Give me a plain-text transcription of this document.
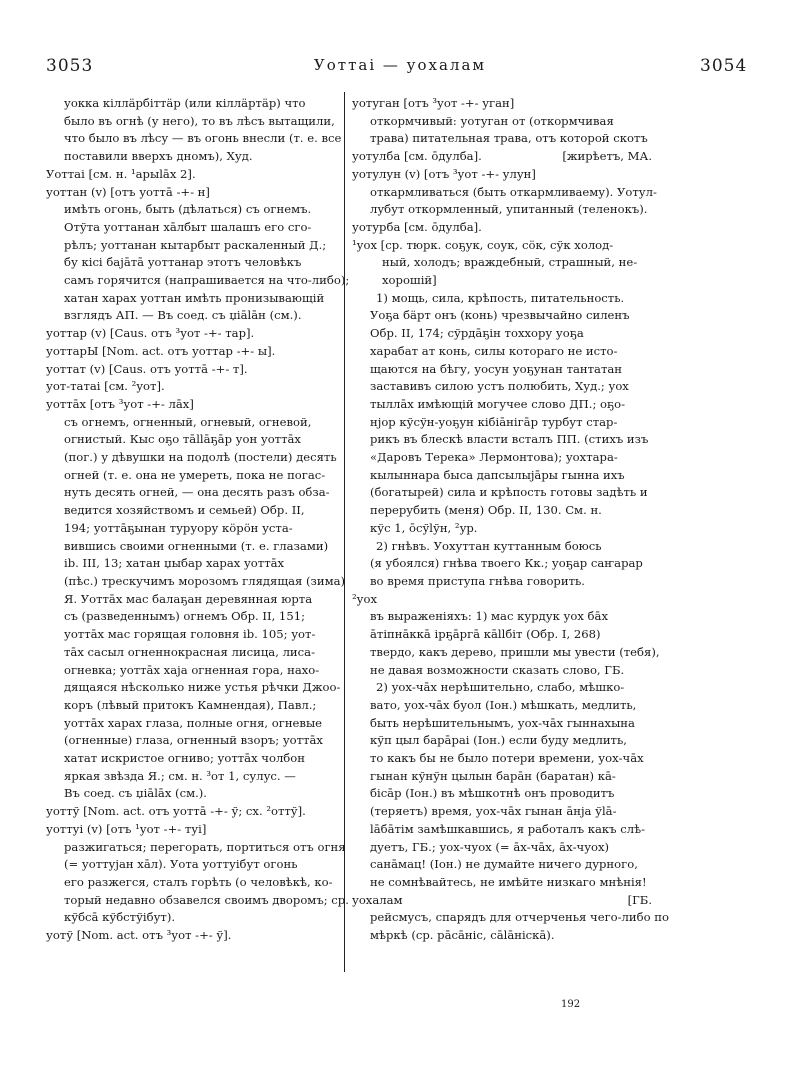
3053	Уоттаі — уохалам	3054
уокка кіллäрбіттäр (или кіллäртäр) что
было въ огнѣ (у него), то въ лѣсъ вытащили,
что было въ лѣсу — въ огонь внесли (т. е. все
поставили вверхъ дномъ), Худ.
Уоттаі [см. н. ¹арыlāх 2].
уоттан (v) [отъ уоттā -+- н]
имѣть огонь, быть (дѣлаться) съ огнемъ.
Отўта уоттанан хāлбыт шалашъ его сго-
рѣлъ; уоттанан кытарбыт раскаленный Д.;
бу кісі бајāтā уоттанар этотъ человѣкъ
самъ горячится (напрашивается на что-либо);
хатан харах уоттан имѣть пронизывающій
взглядъ АП. — Въ соед. съ џiālāн (см.).
уоттар (v) [Caus. отъ ³уот -+- тар].
уоттарЫ [Nom. act. отъ уоттар -+- ы].
уоттат (v) [Caus. отъ уоттā -+- т].
уот-татаі [см. ²уот].
уоттāх [отъ ³уот -+- лāх]
съ огнемъ, огненный, огневый, огневой,
огнистый. Кыс оҕо тāllāҕāр уон уоттāх
(пог.) у дѣвушки на подолѣ (постели) десять
огней (т. е. она не умереть, пока не погас-
нуть десять огней, — она десять разъ обза-
ведится хозяйствомъ и семьей) Обр. II,
194; уоттāҕынан туруору кöрöн уста-
вившись своими огненными (т. е. глазами)
ib. III, 13; хатан џыбар харах уоттāх
(пѣс.) трескучимъ морозомъ глядящая (зима)
Я. Уоттāх мас балаҕан деревянная юрта
съ (разведеннымъ) огнемъ Обр. II, 151;
уоттāх мас горящая головня ib. 105; уот-
тāх сасыл огненнокрасная лисица, лиса-
огневка; уоттāх хаја огненная гора, нахо-
дящаяся нѣсколько ниже устья рѣчки Джоо-
коръ (лѣвый притокъ Камнендая), Павл.;
уоттāх харах глаза, полные огня, огневые
(огненные) глаза, огненный взоръ; уоттāх
хатат искристое огниво; уоттāх чолбон
яркая звѣзда Я.; см. н. ³от 1, сулус. —
Въ соед. съ џiālāх (см.).
уоттў [Nom. act. отъ уоттā -+- ў; сх. ²оттў].
уоттуі (v) [отъ ¹уот -+- туі]
разжигаться; перегорать, портиться отъ огня
(= уоттујан хāл). Уота уоттуібут огонь
его разжегся, сталъ горѣть (о человѣкѣ, ко-
торый недавно обзавелся своимъ дворомъ; ср.
кўбсā кўбстўібут).
уотў [Nom. act. отъ ³уот -+- ў].
уотуган [отъ ³уот -+- уган]
откормчивый: уотуган от (откормчивая
трава) питательная трава, отъ которой скотъ
уотулба [см. ōдулба].	[жирѣетъ, МА.
уотулун (v) [отъ ³уот -+- улун]
откармливаться (быть откармливаему). Уотул-
лубут откормленный, упитанный (теленокъ).
уотурба [см. ōдулба].
¹уох [ср. тюрк. соҕук, соук, сöк, сўк холод-
ный, холодъ; враждебный, страшный, не-
хорошій]
1) мощь, сила, крѣпость, питательность.
Уоҕа бäрт онъ (конь) чрезвычайно силенъ
Обр. II, 174; сўрдāҕін тоххору уоҕа
харабат ат конь, силы котораго не исто-
щаются на бѣгу, уосун уоҕунан тантатан
заставивъ силою устъ полюбить, Худ.; уох
тыллāх имѣющій могучее слово ДП.; оҕо-
нјор кўсўн-уоҕун кiбiāнiгāр турбут стар-
рикъ въ блескѣ власти всталъ ПП. (стихъ изъ
«Даровъ Терека» Лермонтова); уохтара-
кылыннара быса дапсылыјāры гынна ихъ
(богатырей) сила и крѣпость готовы задѣть и
перерубить (меня) Обр. II, 130. См. н.
кўс 1, ōсўlўн, ²ур.
2) гнѣвъ. Уохуттан куттанным боюсь
(я убоялся) гнѣва твоего Кк.; уоҕар саҥарар
во время приступа гнѣва говорить.
²уох
въ выраженіяхъ: 1) мас курдук уох бāх
āтiпнāккā iрҕāргā кāllбiт (Обр. I, 268)
твердо, какъ дерево, пришли мы увести (тебя),
не давая возможности сказать слово, ГБ.
2) уох-чāх нерѣшительно, слабо, мѣшко-
вато, уох-чāх буол (Іон.) мѣшкать, медлить,
быть нерѣшительнымъ, уох-чāх гыннахына
кўп цыл барāраi (Іон.) если буду медлить,
то какъ бы не было потери времени, уох-чāх
гынан кўнўн цылын барāн (баратан) кā-
бiсāр (Іон.) въ мѣшкотнѣ онъ проводитъ
(теряетъ) время, уох-чāх гынан āнја ўlā-
lāбāтiм замѣшкавшись, я работалъ какъ слѣ-
дуетъ, ГБ.; уох-чуох (= āх-чāх, āх-чуох)
санāмац! (Іон.) не думайте ничего дурного,
не сомнѣвайтесь, не имѣйте низкаго мнѣнія!
уохалам	[ГБ.
рейсмусъ, спарядъ для отчерченья чего-либо по
мѣркѣ (ср. рāсāнiс, сālāнiскā).
192
